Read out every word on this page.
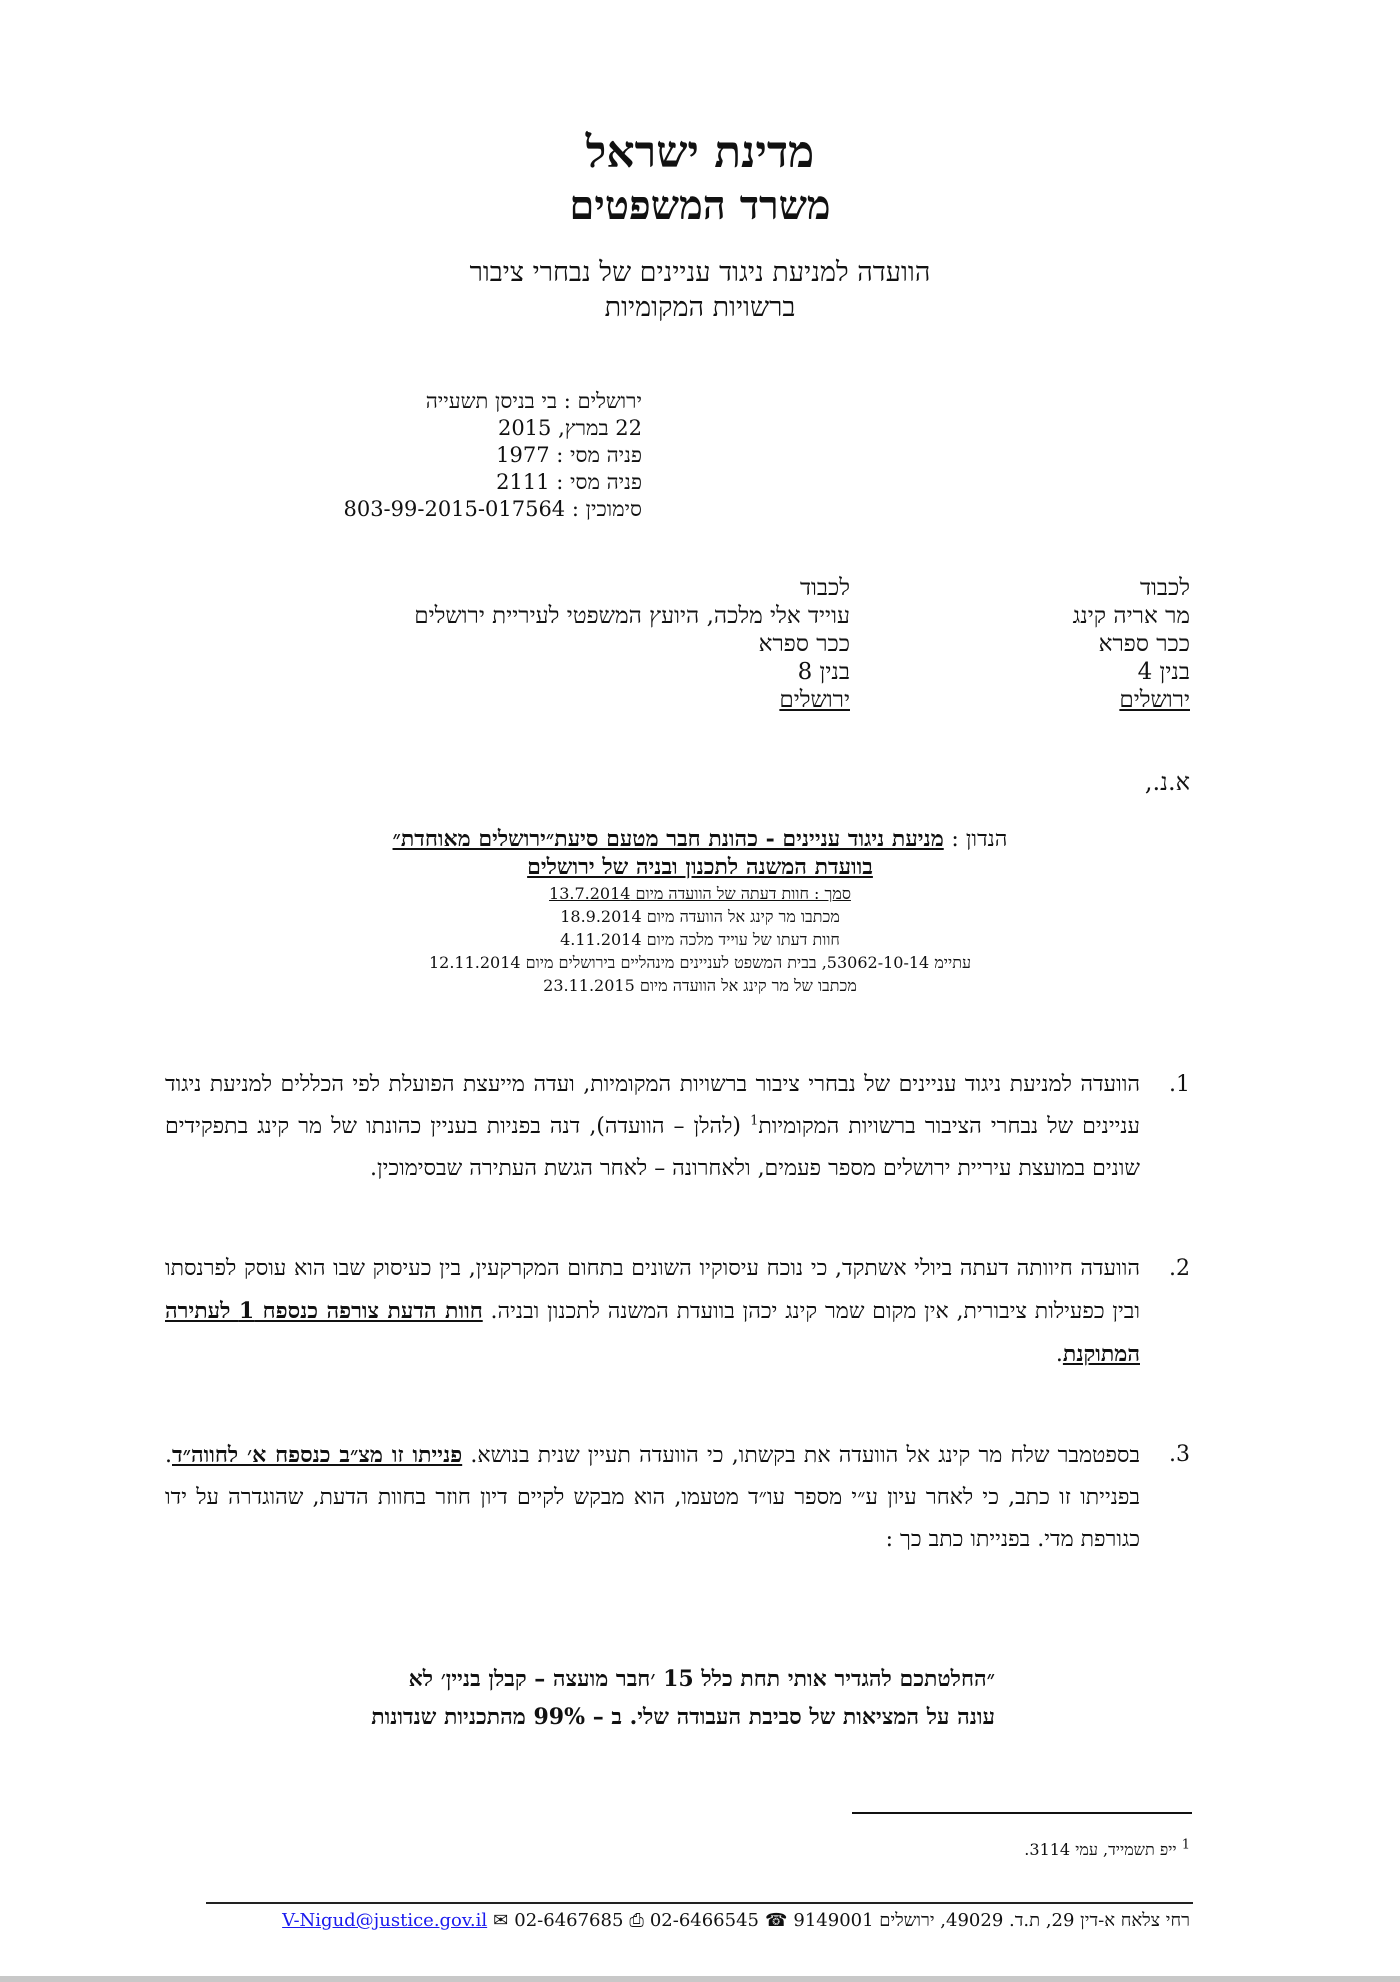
מדינת ישראל
משרד המשפטים
הוועדה למניעת ניגוד עניינים של נבחרי ציבור
ברשויות המקומיות
ירושלים : בי בניסן תשעייה
22 במרץ, 2015
פניה מסי : 1977
פניה מסי : 2111
סימוכין : 803-99-2015-017564
לכבוד
מר אריה קינג
ככר ספרא
בנין 4
ירושלים
לכבוד
עוייד אלי מלכה, היועץ המשפטי לעיריית ירושלים
ככר ספרא
בנין 8
ירושלים
א.נ.,
הנדון : מניעת ניגוד עניינים - כהונת חבר מטעם סיעת״ירושלים מאוחדת״
בוועדת המשנה לתכנון ובניה של ירושלים
סמך : חוות דעתה של הוועדה מיום 13.7.2014
מכתבו מר קינג אל הוועדה מיום 18.9.2014
חוות דעתו של עוייד מלכה מיום 4.11.2014
עתיימ 53062-10-14, בבית המשפט לעניינים מינהליים בירושלים מיום 12.11.2014
מכתבו של מר קינג אל הוועדה מיום 23.11.2015
1.
הוועדה למניעת ניגוד עניינים של נבחרי ציבור ברשויות המקומיות, ועדה מייעצת הפועלת לפי הכללים למניעת ניגוד עניינים של נבחרי הציבור ברשויות המקומיות$^1$ (להלן – הוועדה), דנה בפניות בעניין כהונתו של מר קינג בתפקידים שונים במועצת עיריית ירושלים מספר פעמים, ולאחרונה – לאחר הגשת העתירה שבסימוכין.
2.
הוועדה חיוותה דעתה ביולי אשתקד, כי נוכח עיסוקיו השונים בתחום המקרקעין, בין כעיסוק שבו הוא עוסק לפרנסתו ובין כפעילות ציבורית, אין מקום שמר קינג יכהן בוועדת המשנה לתכנון ובניה. חוות הדעת צורפה כנספח 1 לעתירה המתוקנת.
3.
בספטמבר שלח מר קינג אל הוועדה את בקשתו, כי הוועדה תעיין שנית בנושא. פנייתו זו מצ״ב כנספח א׳ לחווה״ד. בפנייתו זו כתב, כי לאחר עיון ע״י מספר עו״ד מטעמו, הוא מבקש לקיים דיון חוזר בחוות הדעת, שהוגדרה על ידו כגורפת מדי. בפנייתו כתב כך :
״החלטתכם להגדיר אותי תחת כלל 15 ׳חבר מועצה – קבלן בניין׳ לא
עונה על המציאות של סביבת העבודה שלי. ב – 99% מהתכניות שנדונות
$^1$ ייפ תשמייד, עמי 3114.
רחי צלאח א-דין 29, ת.ד. 49029, ירושלים 9149001
☎
02-6466545
⎙
02-6467685
✉
V-Nigud@justice.gov.il
